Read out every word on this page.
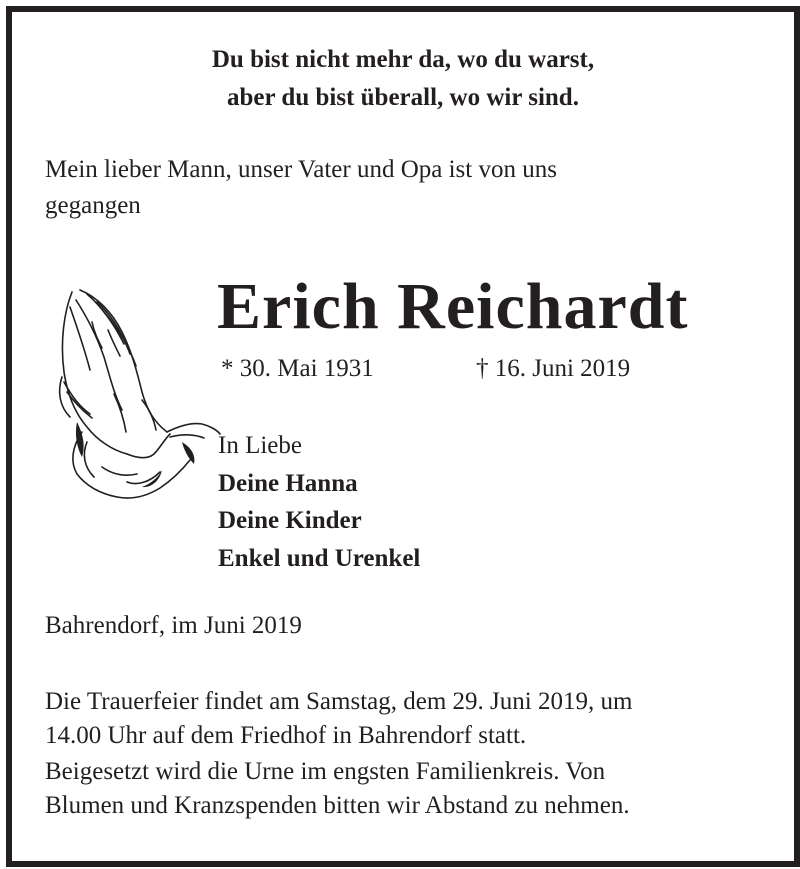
Du bist nicht mehr da, wo du warst,
aber du bist überall, wo wir sind.
Mein lieber Mann, unser Vater und Opa ist von uns
gegangen
Erich Reichardt
* 30. Mai 1931	† 16. Juni 2019
In Liebe
Deine Hanna
Deine Kinder
Enkel und Urenkel
Bahrendorf, im Juni 2019
Die Trauerfeier findet am Samstag, dem 29. Juni 2019, um
14.00 Uhr auf dem Friedhof in Bahrendorf statt.
Beigesetzt wird die Urne im engsten Familienkreis. Von
Blumen und Kranzspenden bitten wir Abstand zu nehmen.
